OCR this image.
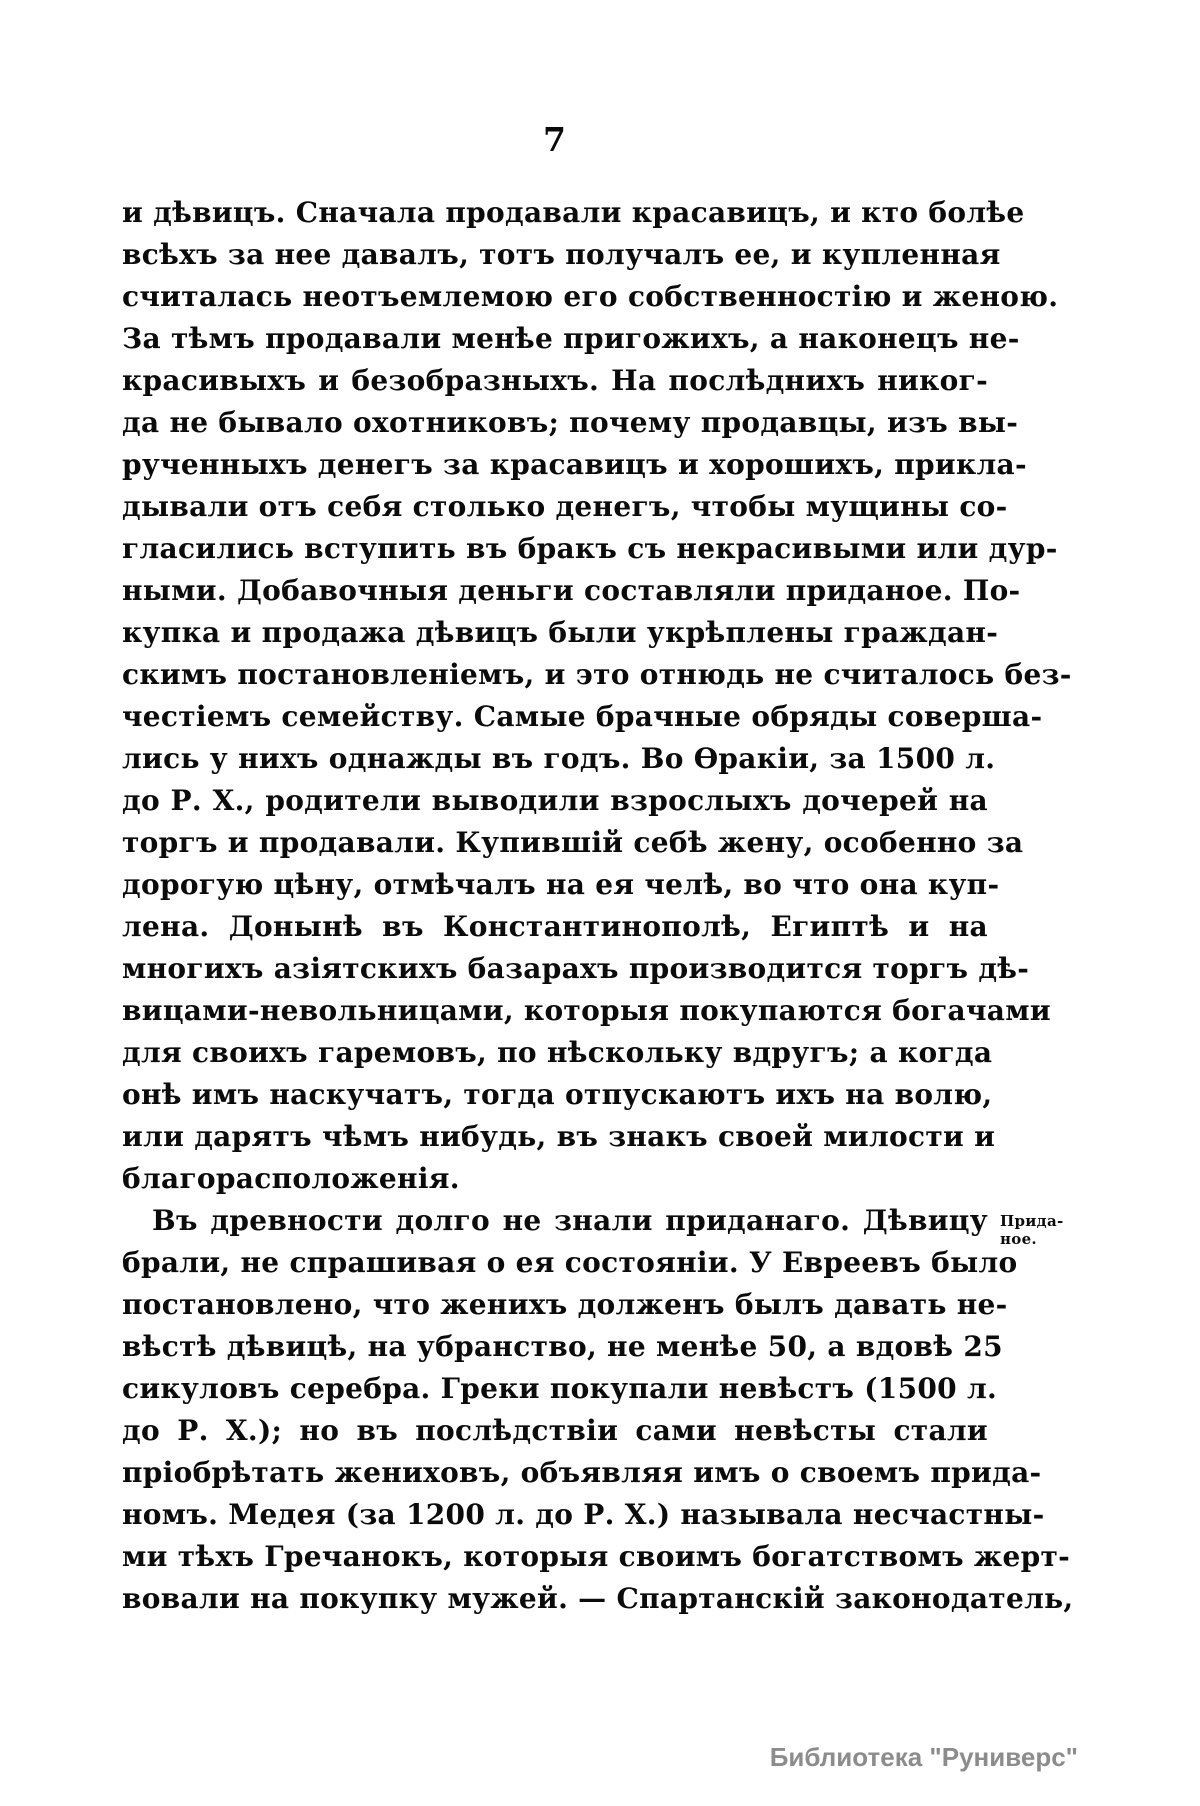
7
и дѣвицъ. Сначала продавали красавицъ, и кто болѣе
всѣхъ за нее давалъ, тотъ получалъ ее, и купленная
считалась неотъемлемою его собственностію и женою.
За тѣмъ продавали менѣе пригожихъ, а наконецъ не-
красивыхъ и безобразныхъ. На послѣднихъ никог-
да не бывало охотниковъ; почему продавцы, изъ вы-
рученныхъ денегъ за красавицъ и хорошихъ, прикла-
дывали отъ себя столько денегъ, чтобы мущины со-
гласились вступить въ бракъ съ некрасивыми или дур-
ными. Добавочныя деньги составляли приданое. По-
купка и продажа дѣвицъ были укрѣплены граждан-
скимъ постановленіемъ, и это отнюдь не считалось без-
честіемъ семейству. Самые брачные обряды соверша-
лись у нихъ однажды въ годъ. Во Ѳракіи, за 1500 л.
до Р. Х., родители выводили взрослыхъ дочерей на
торгъ и продавали. Купившій себѣ жену, особенно за
дорогую цѣну, отмѣчалъ на ея челѣ, во что она куп-
лена. Донынѣ въ Константинополѣ, Египтѣ и на
многихъ азіятскихъ базарахъ производится торгъ дѣ-
вицами-невольницами, которыя покупаются богачами
для своихъ гаремовъ, по нѣскольку вдругъ; а когда
онѣ имъ наскучатъ, тогда отпускаютъ ихъ на волю,
или дарятъ чѣмъ нибудь, въ знакъ своей милости и
благорасположенія.
Въ древности долго не знали приданаго. Дѣвицу
брали, не спрашивая о ея состояніи. У Евреевъ было
постановлено, что женихъ долженъ былъ давать не-
вѣстѣ дѣвицѣ, на убранство, не менѣе 50, а вдовѣ 25
сикуловъ серебра. Греки покупали невѣстъ (1500 л.
до Р. Х.); но въ послѣдствіи сами невѣсты стали
пріобрѣтать жениховъ, объявляя имъ о своемъ прида-
номъ. Медея (за 1200 л. до Р. Х.) называла несчастны-
ми тѣхъ Гречанокъ, которыя своимъ богатствомъ жерт-
вовали на покупку мужей. — Спартанскій законодатель,
Прида-
ное.
Библиотека "Руниверс"
